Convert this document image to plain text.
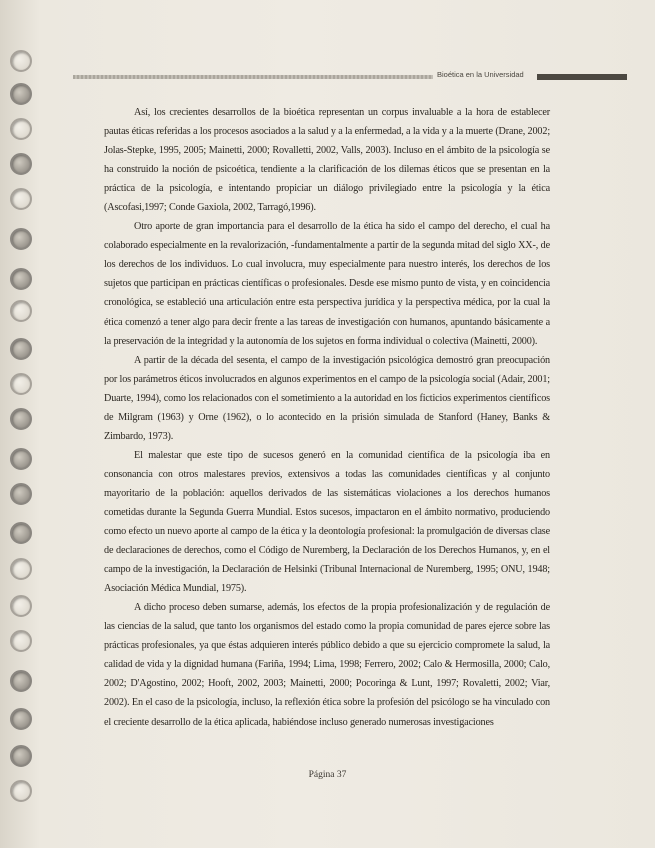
Bioética en la Universidad

Así, los crecientes desarrollos de la bioética representan un corpus invaluable a la hora de establecer pautas éticas referidas a los procesos asociados a la salud y a la enfermedad, a la vida y a la muerte (Drane, 2002; Jolas-Stepke, 1995, 2005; Mainetti, 2000; Rovalletti, 2002, Valls, 2003). Incluso en el ámbito de la psicología se ha construido la noción de psicoética, tendiente a la clarificación de los dilemas éticos que se presentan en la práctica de la psicología, e intentando propiciar un diálogo privilegiado entre la psicología y la ética (Ascofasi,1997; Conde Gaxiola, 2002, Tarragó,1996).

Otro aporte de gran importancia para el desarrollo de la ética ha sido el campo del derecho, el cual ha colaborado especialmente en la revalorización, -fundamentalmente a partir de la segunda mitad del siglo XX-, de los derechos de los individuos. Lo cual involucra, muy especialmente para nuestro interés, los derechos de los sujetos que participan en prácticas científicas o profesionales. Desde ese mismo punto de vista, y en coincidencia cronológica, se estableció una articulación entre esta perspectiva jurídica y la perspectiva médica, por la cual la ética comenzó a tener algo para decir frente a las tareas de investigación con humanos, apuntando básicamente a la preservación de la integridad y la autonomía de los sujetos en forma individual o colectiva (Mainetti, 2000).

A partir de la década del sesenta, el campo de la investigación psicológica demostró gran preocupación por los parámetros éticos involucrados en algunos experimentos en el campo de la psicología social (Adair, 2001; Duarte, 1994), como los relacionados con el sometimiento a la autoridad en los ficticios experimentos científicos de Milgram (1963) y Orne (1962), o lo acontecido en la prisión simulada de Stanford (Haney, Banks & Zimbardo, 1973).

El malestar que este tipo de sucesos generó en la comunidad científica de la psicología iba en consonancia con otros malestares previos, extensivos a todas las comunidades científicas y al conjunto mayoritario de la población: aquellos derivados de las sistemáticas violaciones a los derechos humanos cometidas durante la Segunda Guerra Mundial. Estos sucesos, impactaron en el ámbito normativo, produciendo como efecto un nuevo aporte al campo de la ética y la deontología profesional: la promulgación de diversas clase de declaraciones de derechos, como el Código de Nuremberg, la Declaración de los Derechos Humanos, y, en el campo de la investigación, la Declaración de Helsinki (Tribunal Internacional de Nuremberg, 1995; ONU, 1948; Asociación Médica Mundial, 1975).

A dicho proceso deben sumarse, además, los efectos de la propia profesionalización y de regulación de las ciencias de la salud, que tanto los organismos del estado como la propia comunidad de pares ejerce sobre las prácticas profesionales, ya que éstas adquieren interés público debido a que su ejercicio compromete la salud, la calidad de vida y la dignidad humana (Fariña, 1994; Lima, 1998; Ferrero, 2002; Calo & Hermosilla, 2000; Calo, 2002; D'Agostino, 2002; Hooft, 2002, 2003; Mainetti, 2000; Pocoringa & Lunt, 1997; Rovaletti, 2002; Viar, 2002). En el caso de la psicología, incluso, la reflexión ética sobre la profesión del psicólogo se ha vinculado con el creciente desarrollo de la ética aplicada, habiéndose incluso generado numerosas investigaciones

Página 37
